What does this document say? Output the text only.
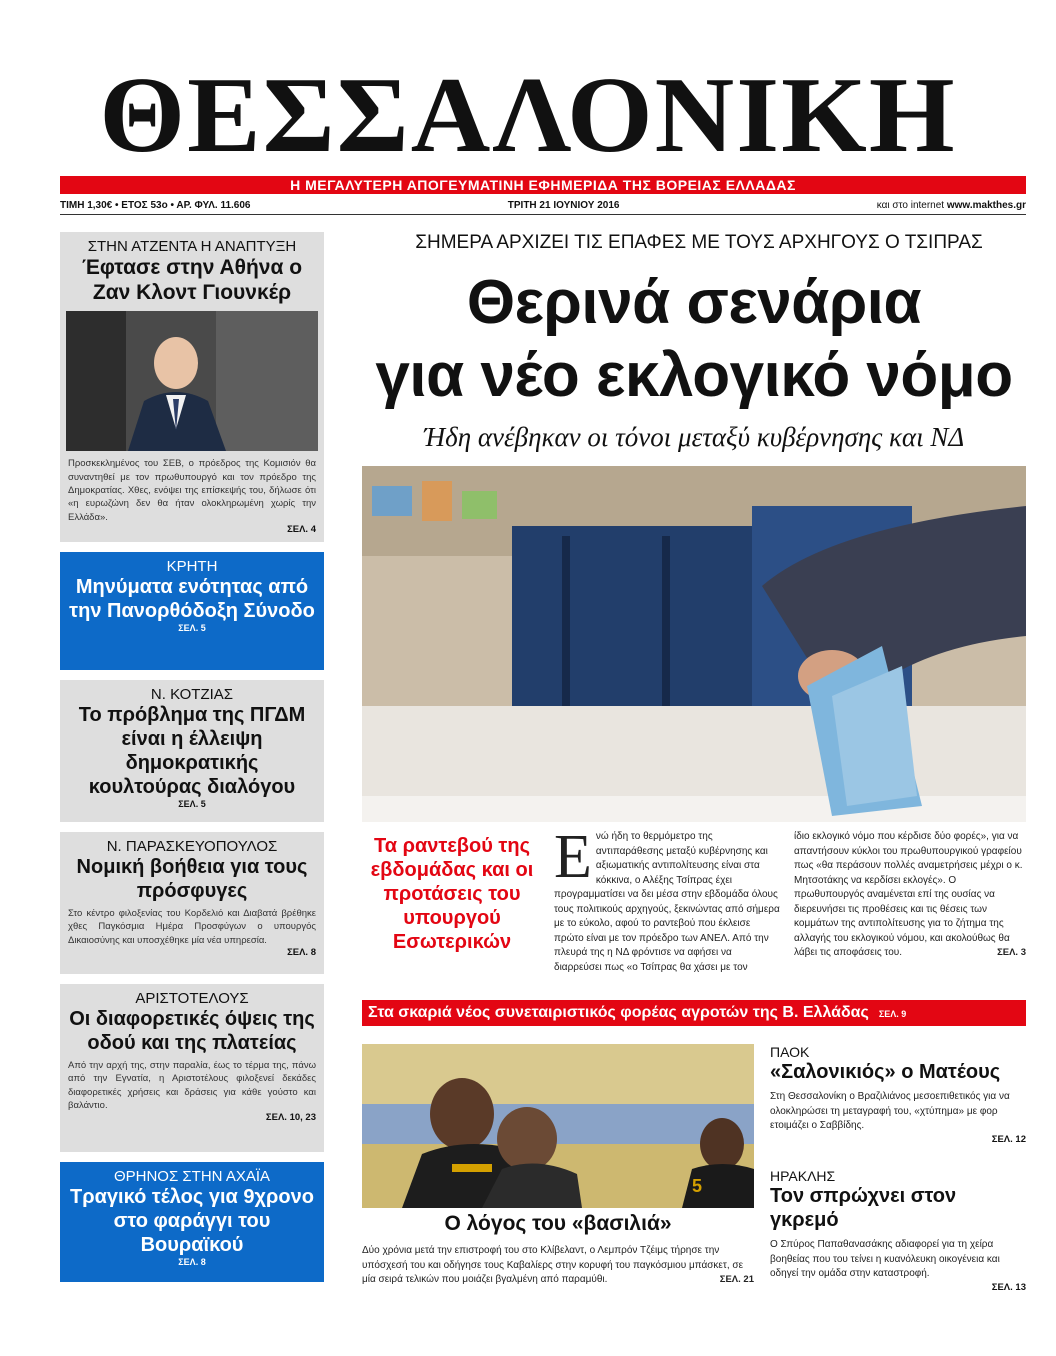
ΘΕΣΣΑΛΟΝΙΚΗ
Η ΜΕΓΑΛΥΤΕΡΗ ΑΠΟΓΕΥΜΑΤΙΝΗ ΕΦΗΜΕΡΙΔΑ ΤΗΣ ΒΟΡΕΙΑΣ ΕΛΛΑΔΑΣ
ΤΙΜΗ 1,30€ • ΕΤΟΣ 53ο • ΑΡ. ΦΥΛ. 11.606	ΤΡΙΤΗ 21 ΙΟΥΝΙΟΥ 2016	και στο internet www.makthes.gr
ΣΤΗΝ ΑΤΖΕΝΤΑ Η ΑΝΑΠΤΥΞΗ
Έφτασε στην Αθήνα ο Ζαν Κλοντ Γιουνκέρ
Προσκεκλημένος του ΣΕΒ, ο πρόεδρος της Κομισιόν θα συναντηθεί με τον πρωθυπουργό και τον πρόεδρο της Δημοκρατίας. Χθες, ενόψει της επίσκεψής του, δήλωσε ότι «η ευρωζώνη δεν θα ήταν ολοκληρωμένη χωρίς την Ελλάδα».
ΣΕΛ. 4
ΚΡΗΤΗ
Μηνύματα ενότητας από την Πανορθόδοξη Σύνοδο
ΣΕΛ. 5
Ν. ΚΟΤΖΙΑΣ
Το πρόβλημα της ΠΓΔΜ είναι η έλλειψη δημοκρατικής κουλτούρας διαλόγου
ΣΕΛ. 5
Ν. ΠΑΡΑΣΚΕΥΟΠΟΥΛΟΣ
Νομική βοήθεια για τους πρόσφυγες
Στο κέντρο φιλοξενίας του Κορδελιό και Διαβατά βρέθηκε χθες Παγκόσμια Ημέρα Προσφύγων ο υπουργός Δικαιοσύνης και υποσχέθηκε μία νέα υπηρεσία.
ΣΕΛ. 8
ΑΡΙΣΤΟΤΕΛΟΥΣ
Οι διαφορετικές όψεις της οδού και της πλατείας
Από την αρχή της, στην παραλία, έως το τέρμα της, πάνω από την Εγνατία, η Αριστοτέλους φιλοξενεί δεκάδες διαφορετικές χρήσεις και δράσεις για κάθε γούστο και βαλάντιο.
ΣΕΛ. 10, 23
ΘΡΗΝΟΣ ΣΤΗΝ ΑΧΑΪΑ
Τραγικό τέλος για 9χρονο στο φαράγγι του Βουραϊκού
ΣΕΛ. 8
ΣΗΜΕΡΑ ΑΡΧΙΖΕΙ ΤΙΣ ΕΠΑΦΕΣ ΜΕ ΤΟΥΣ ΑΡΧΗΓΟΥΣ Ο ΤΣΙΠΡΑΣ
Θερινά σενάρια
για νέο εκλογικό νόμο
Ήδη ανέβηκαν οι τόνοι μεταξύ κυβέρνησης και ΝΔ
Τα ραντεβού της εβδομάδας και οι προτάσεις του υπουργού Εσωτερικών
Ενώ ήδη το θερμόμετρο της αντιπαράθεσης μεταξύ κυβέρνησης και αξιωματικής αντιπολίτευσης είναι στα κόκκινα, ο Αλέξης Τσίπρας έχει προγραμματίσει να δει μέσα στην εβδομάδα όλους τους πολιτικούς αρχηγούς, ξεκινώντας από σήμερα με το εύκολο, αφού το ραντεβού που έκλεισε πρώτο είναι με τον πρόεδρο των ΑΝΕΛ. Από την πλευρά της η ΝΔ φρόντισε να αφήσει να διαρρεύσει πως «ο Τσίπρας θα χάσει με τον
ίδιο εκλογικό νόμο που κέρδισε δύο φορές», για να απαντήσουν κύκλοι του πρωθυπουργικού γραφείου πως «θα περάσουν πολλές αναμετρήσεις μέχρι ο κ. Μητσοτάκης να κερδίσει εκλογές». Ο πρωθυπουργός αναμένεται επί της ουσίας να διερευνήσει τις προθέσεις και τις θέσεις των κομμάτων της αντιπολίτευσης για το ζήτημα της αλλαγής του εκλογικού νόμου, και ακολούθως θα λάβει τις αποφάσεις του.	ΣΕΛ. 3
Στα σκαριά νέος συνεταιριστικός φορέας αγροτών της Β. Ελλάδας ΣΕΛ. 9
5
Ο λόγος του «βασιλιά»
Δύο χρόνια μετά την επιστροφή του στο Κλίβελαντ, ο Λεμπρόν Τζέιμς τήρησε την υπόσχεσή του και οδήγησε τους Καβαλίερς στην κορυφή του παγκόσμιου μπάσκετ, σε μία σειρά τελικών που μοιάζει βγαλμένη από παραμύθι.	ΣΕΛ. 21
ΠΑΟΚ
«Σαλονικιός» ο Ματέους
Στη Θεσσαλονίκη ο Βραζιλιάνος μεσοεπιθετικός για να ολοκληρώσει τη μεταγραφή του, «χτύπημα» με φορ ετοιμάζει ο Σαββίδης.
ΣΕΛ. 12
ΗΡΑΚΛΗΣ
Τον σπρώχνει στον γκρεμό
Ο Σπύρος Παπαθανασάκης αδιαφορεί για τη χείρα βοηθείας που του τείνει η κυανόλευκη οικογένεια και οδηγεί την ομάδα στην καταστροφή.
ΣΕΛ. 13
